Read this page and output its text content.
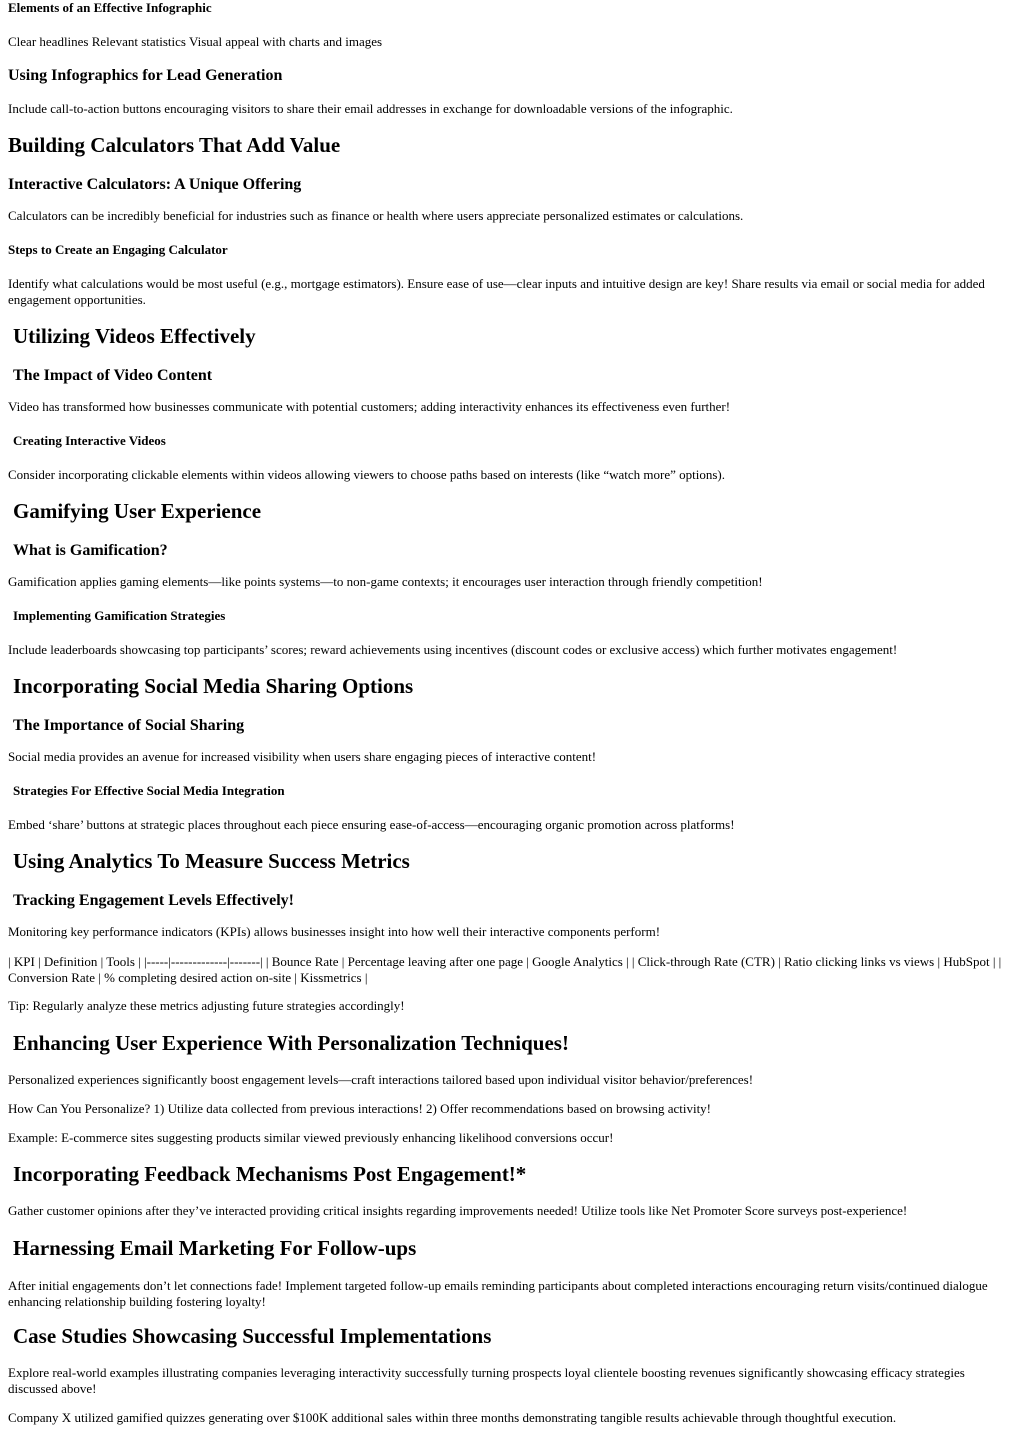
Elements of an Effective Infographic

Clear headlines Relevant statistics Visual appeal with charts and images

Using Infographics for Lead Generation

Include call-to-action buttons encouraging visitors to share their email addresses in exchange for downloadable versions of the infographic.

Building Calculators That Add Value
Interactive Calculators: A Unique Offering

Calculators can be incredibly beneficial for industries such as finance or health where users appreciate personalized estimates or calculations.

Steps to Create an Engaging Calculator

Identify what calculations would be most useful (e.g., mortgage estimators). Ensure ease of use—clear inputs and intuitive design are key! Share results via email or social media for added engagement opportunities.

Utilizing Videos Effectively
The Impact of Video Content

Video has transformed how businesses communicate with potential customers; adding interactivity enhances its effectiveness even further!

Creating Interactive Videos

Consider incorporating clickable elements within videos allowing viewers to choose paths based on interests (like “watch more” options).

Gamifying User Experience
What is Gamification?

Gamification applies gaming elements—like points systems—to non-game contexts; it encourages user interaction through friendly competition!

Implementing Gamification Strategies

Include leaderboards showcasing top participants’ scores; reward achievements using incentives (discount codes or exclusive access) which further motivates engagement!

Incorporating Social Media Sharing Options
The Importance of Social Sharing

Social media provides an avenue for increased visibility when users share engaging pieces of interactive content!

Strategies For Effective Social Media Integration

Embed ‘share’ buttons at strategic places throughout each piece ensuring ease-of-access—encouraging organic promotion across platforms!

Using Analytics To Measure Success Metrics
Tracking Engagement Levels Effectively!

Monitoring key performance indicators (KPIs) allows businesses insight into how well their interactive components perform!

| KPI | Definition | Tools | |-----|-------------|-------| | Bounce Rate | Percentage leaving after one page | Google Analytics | | Click-through Rate (CTR) | Ratio clicking links vs views | HubSpot | | Conversion Rate | % completing desired action on-site | Kissmetrics |

Tip: Regularly analyze these metrics adjusting future strategies accordingly!

Enhancing User Experience With Personalization Techniques!

Personalized experiences significantly boost engagement levels—craft interactions tailored based upon individual visitor behavior/preferences!

How Can You Personalize? 1) Utilize data collected from previous interactions! 2) Offer recommendations based on browsing activity!

Example: E-commerce sites suggesting products similar viewed previously enhancing likelihood conversions occur!

Incorporating Feedback Mechanisms Post Engagement!*

Gather customer opinions after they’ve interacted providing critical insights regarding improvements needed! Utilize tools like Net Promoter Score surveys post-experience!

Harnessing Email Marketing For Follow-ups

After initial engagements don’t let connections fade! Implement targeted follow-up emails reminding participants about completed interactions encouraging return visits/continued dialogue enhancing relationship building fostering loyalty!

Case Studies Showcasing Successful Implementations

Explore real-world examples illustrating companies leveraging interactivity successfully turning prospects loyal clientele boosting revenues significantly showcasing efficacy strategies discussed above!

Company X utilized gamified quizzes generating over $100K additional sales within three months demonstrating tangible results achievable through thoughtful execution.
